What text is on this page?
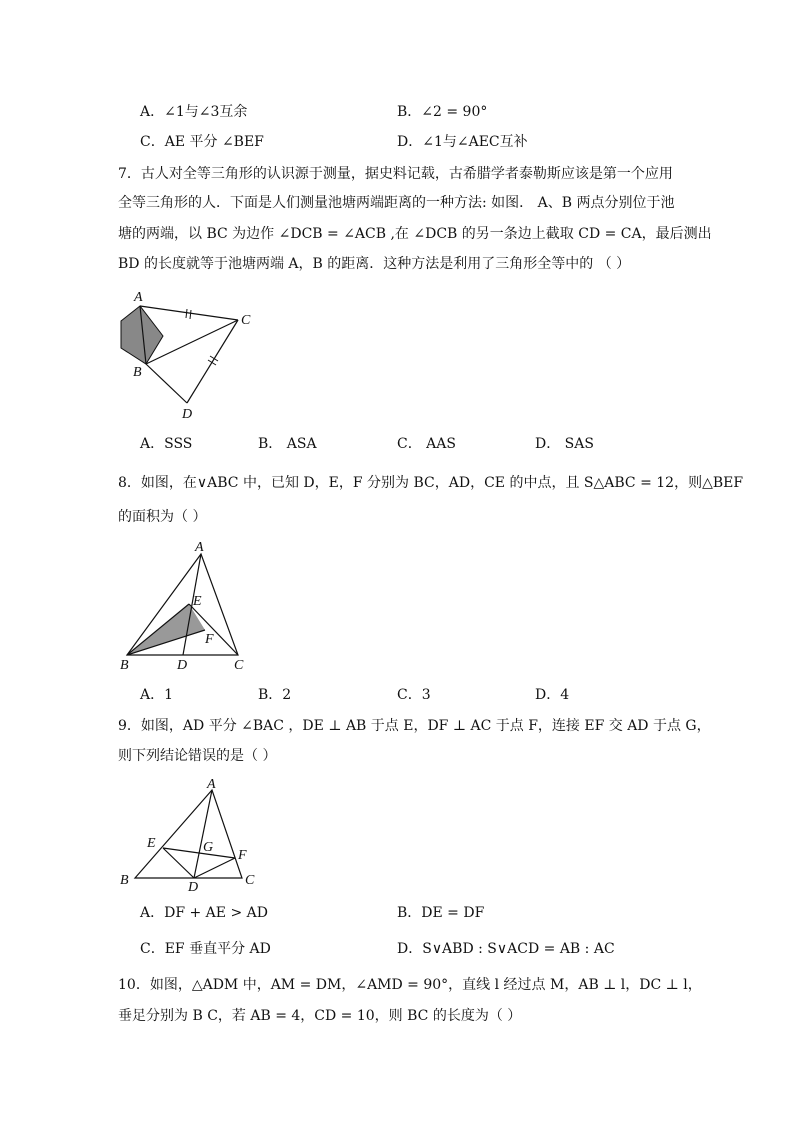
A．∠1与∠3互余	B．∠2 = 90°
C．AE 平分 ∠BEF	D．∠1与∠AEC互补
7．古人对全等三角形的认识源于测量，据史料记载，古希腊学者泰勒斯应该是第一个应用
全等三角形的人．下面是人们测量池塘两端距离的一种方法: 如图． A、B 两点分别位于池
塘的两端，以 BC 为边作 ∠DCB = ∠ACB ,在 ∠DCB 的另一条边上截取 CD = CA，最后测出
BD 的长度就等于池塘两端 A，B 的距离．这种方法是利用了三角形全等中的 （ ）
A
B
C
D
A．SSS	B． ASA	C． AAS	D． SAS
8．如图，在∨ABC 中，已知 D，E，F 分别为 BC，AD，CE 的中点，且 S△ABC = 12，则△BEF
的面积为（ ）
A
B	C
D
E
F
A．1	B．2	C．3	D．4
9．如图，AD 平分 ∠BAC ，DE ⊥ AB 于点 E，DF ⊥ AC 于点 F，连接 EF 交 AD 于点 G，
则下列结论错误的是（ ）
A
B	C
D
E
F
G
A．DF + AE > AD	B．DE = DF
C．EF 垂直平分 AD	D．S∨ABD : S∨ACD = AB : AC
10．如图，△ADM 中，AM = DM，∠AMD = 90°，直线 l 经过点 M，AB ⊥ l，DC ⊥ l，
垂足分别为 B C，若 AB = 4，CD = 10，则 BC 的长度为（ ）
